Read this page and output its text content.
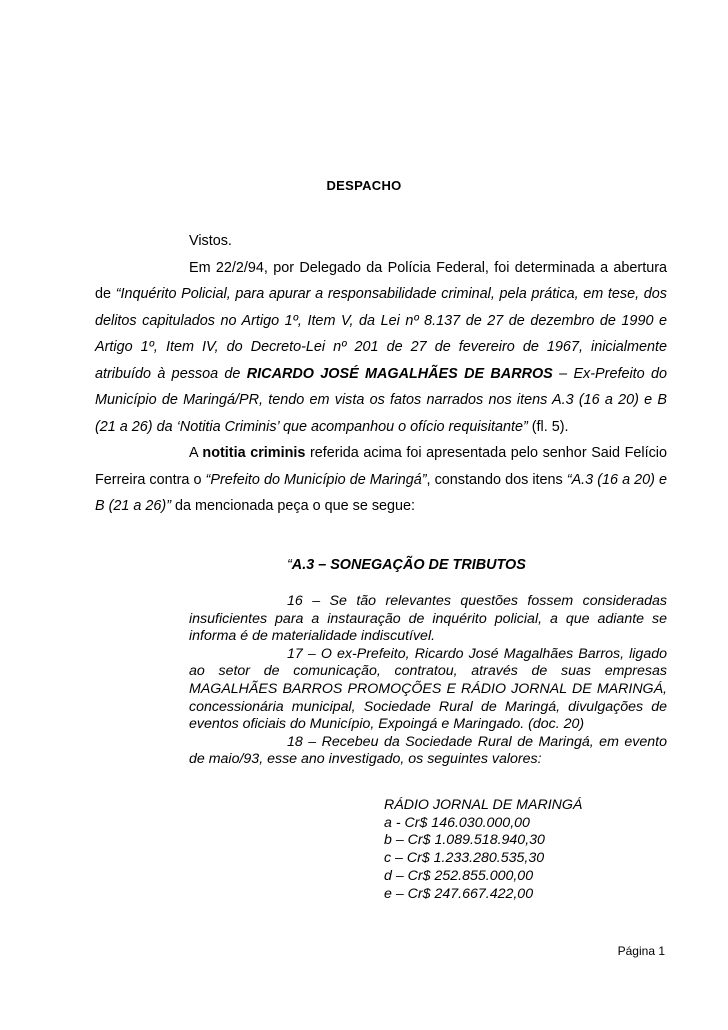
DESPACHO

Vistos.

Em 22/2/94, por Delegado da Polícia Federal, foi determinada a abertura de “Inquérito Policial, para apurar a responsabilidade criminal, pela prática, em tese, dos delitos capitulados no Artigo 1º, Item V, da Lei nº 8.137 de 27 de dezembro de 1990 e Artigo 1º, Item IV, do Decreto-Lei nº 201 de 27 de fevereiro de 1967, inicialmente atribuído à pessoa de RICARDO JOSÉ MAGALHÃES DE BARROS – Ex-Prefeito do Município de Maringá/PR, tendo em vista os fatos narrados nos itens A.3 (16 a 20) e B (21 a 26) da ‘Notitia Criminis’ que acompanhou o ofício requisitante” (fl. 5).

A notitia criminis referida acima foi apresentada pelo senhor Said Felício Ferreira contra o “Prefeito do Município de Maringá”, constando dos itens “A.3 (16 a 20) e B (21 a 26)” da mencionada peça o que se segue:

“A.3 – SONEGAÇÃO DE TRIBUTOS

16 – Se tão relevantes questões fossem consideradas insuficientes para a instauração de inquérito policial, a que adiante se informa é de materialidade indiscutível.

17 – O ex-Prefeito, Ricardo José Magalhães Barros, ligado ao setor de comunicação, contratou, através de suas empresas MAGALHÃES BARROS PROMOÇÕES E RÁDIO JORNAL DE MARINGÁ, concessionária municipal, Sociedade Rural de Maringá, divulgações de eventos oficiais do Município, Expoingá e Maringado. (doc. 20)

18 – Recebeu da Sociedade Rural de Maringá, em evento de maio/93, esse ano investigado, os seguintes valores:

RÁDIO JORNAL DE MARINGÁ
a - Cr$ 146.030.000,00
b – Cr$ 1.089.518.940,30
c – Cr$ 1.233.280.535,30
d – Cr$ 252.855.000,00
e – Cr$ 247.667.422,00
Página 1
